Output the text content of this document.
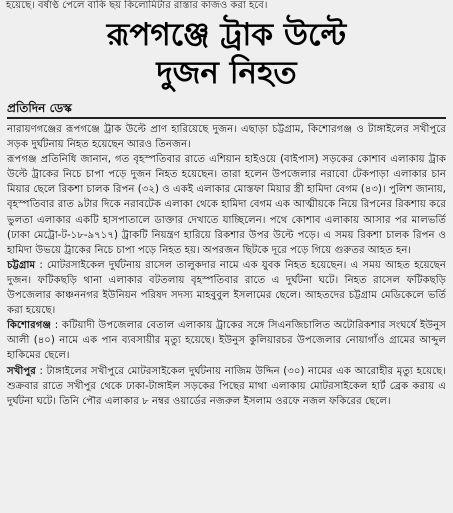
হয়েছে। বর্ষাণ্ঠ পেলে বাকি ছয় কিলোমিটার রাস্তার কাজও করা হবে।
রূপগঞ্জে ট্রাক উল্টে
দুজন নিহত
প্রতিদিন ডেস্ক

নারায়ণগঞ্জের রূপগঞ্জে ট্রাক উল্টে প্রাণ হারিয়েছে দুজন। এছাড়া চট্টগ্রাম, কিশোরগঞ্জ ও টাঙ্গাইলের সখীপুরে সড়ক দুর্ঘটনায় নিহত হয়েছেন আরও তিনজন।

রূপগঞ্জ প্রতিনিধি জানান, গত বৃহস্পতিবার রাতে এশিয়ান হাইওয়ে (বাইপাস) সড়কের কোশাব এলাকায় ট্রাক উল্টে ট্রাকের নিচে চাপা পড়ে দুজন নিহত হয়েছেন। তারা হলেন উপজেলার নরাবো টেকপাড়া এলাকার চান মিয়ার ছেলে রিকশা চালক রিপন (৩২) ও একই এলাকার মোস্তফা মিয়ার স্ত্রী হামিদা বেগম (৪৩)। পুলিশ জানায়, বৃহস্পতিবার রাত ৯টার দিকে নরাবটেক এলাকা থেকে হামিদা বেগম এক আত্মীয়কে নিয়ে রিপনের রিকশায় করে ভুলতা এলাকার একটি হাসপাতালে ডাক্তার দেখাতে যাচ্ছিলেন। পথে কোশাব এলাকায় আসার পর মালভর্তি (ঢাকা মেট্রো-ট-১৮-৯৭১৭) ট্রাকটি নিয়ন্ত্রণ হারিয়ে রিকশার উপর উল্টে পড়ে। এ সময় রিকশা চালক রিপন ও হামিদা উভয়ে ট্রাকের নিচে চাপা পড়ে নিহত হয়। অপরজন ছিটকে দূরে পড়ে গিয়ে গুরুতর আহত হন।

চট্টগ্রাম : মোটরসাইকেল দুর্ঘটনায় রাসেল তালুকদার নামে এক যুবক নিহত হয়েছেন। এ সময় আহত হয়েছেন দুজন। ফটিকছড়ি থানা এলাকার বটতলায় বৃহস্পতিবার রাতে এ দুর্ঘটনা ঘটে। নিহত রাসেল ফটিকছড়ি উপজেলার কাঞ্চননগর ইউনিয়ন পরিষদ সদস্য মাহবুবুল ইসলামের ছেলে। আহতদের চট্টগ্রাম মেডিকেলে ভর্তি করা হয়েছে।

কিশোরগঞ্জ : কটিয়াদী উপজেলার বেতাল এলাকায় ট্রাকের সঙ্গে সিএনজিচালিত অটোরিকশার সংঘর্ষে ইউনুস আলী (৪০) নামে এক পান ব্যবসায়ীর মৃত্যু হয়েছে। ইউনুস কুলিয়ারচর উপজেলার নোয়াগাঁও গ্রামের আব্দুল হাকিমের ছেলে।

সখীপুর : টাঙ্গাইলের সখীপুরে মোটরসাইকেল দুর্ঘটনায় নাজিম উদ্দিন (৩০) নামের এক আরোহীর মৃত্যু হয়েছে। শুক্রবার রাতে সখীপুর থেকে ঢাকা-টাঙ্গাইল সড়কের পিছের মাথা এলাকায় মোটরসাইকেল হার্ট ব্রেক করায় এ দুর্ঘটনা ঘটে। তিনি পৌর এলাকার ৮ নম্বর ওয়ার্ডের নজরুল ইসলাম ওরফে নজল ফকিরের ছেলে।
